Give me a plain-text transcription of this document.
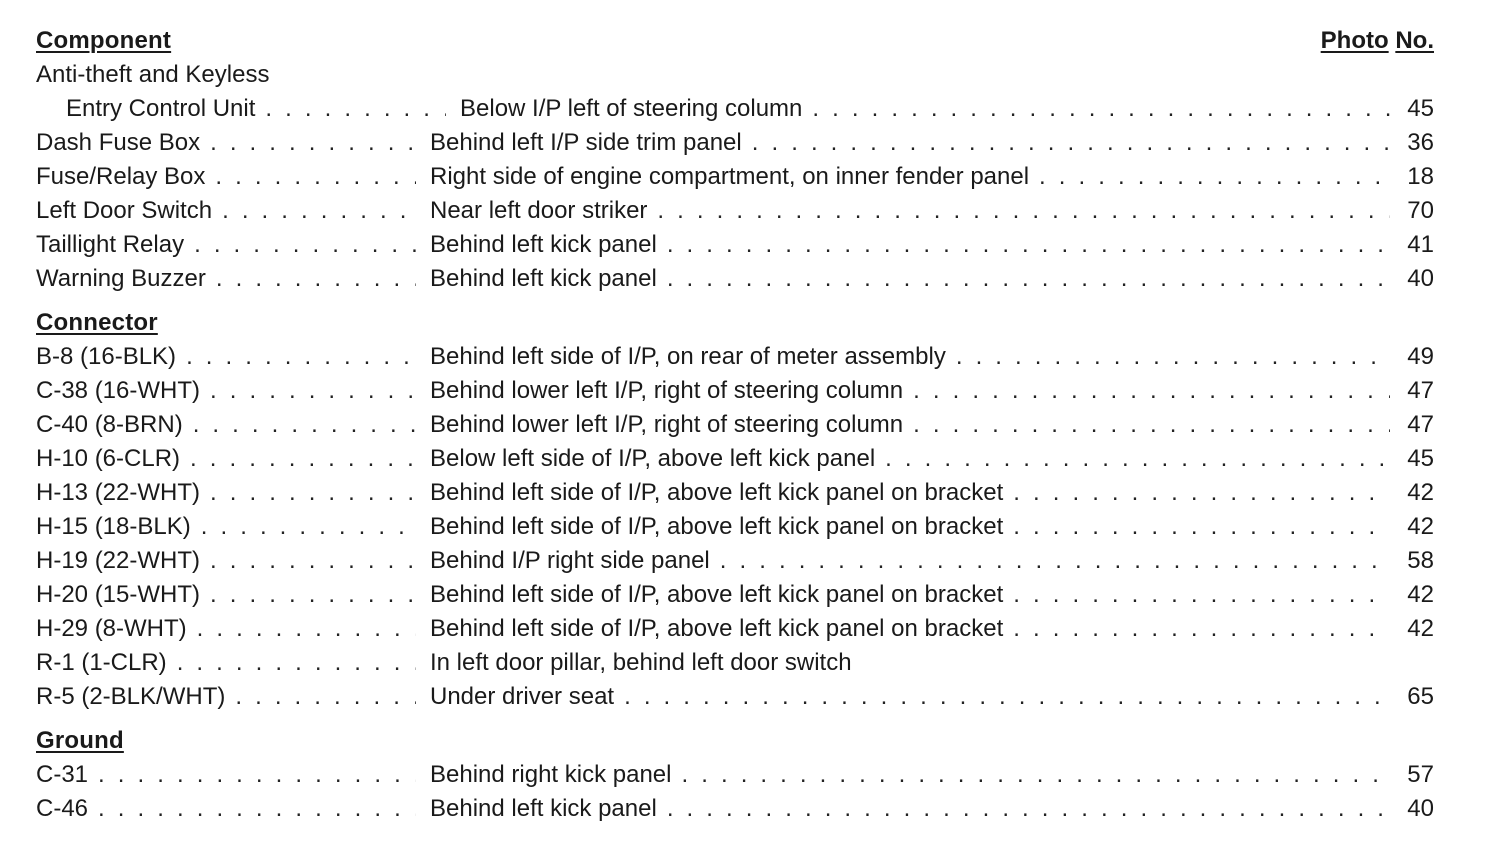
Component	Photo No.
Anti-theft and Keyless
Entry Control Unit . . .	Below I/P left of steering column . . .	45
Dash Fuse Box . . .	Behind left I/P side trim panel . . .	36
Fuse/Relay Box . . .	Right side of engine compartment, on inner fender panel . . .	18
Left Door Switch . . .	Near left door striker . . .	70
Taillight Relay . . .	Behind left kick panel . . .	41
Warning Buzzer . . .	Behind left kick panel . . .	40
Connector
B-8 (16-BLK) . . .	Behind left side of I/P, on rear of meter assembly . . .	49
C-38 (16-WHT) . . .	Behind lower left I/P, right of steering column . . .	47
C-40 (8-BRN) . . .	Behind lower left I/P, right of steering column . . .	47
H-10 (6-CLR) . . .	Below left side of I/P, above left kick panel . . .	45
H-13 (22-WHT) . . .	Behind left side of I/P, above left kick panel on bracket . . .	42
H-15 (18-BLK) . . .	Behind left side of I/P, above left kick panel on bracket . . .	42
H-19 (22-WHT) . . .	Behind I/P right side panel . . .	58
H-20 (15-WHT) . . .	Behind left side of I/P, above left kick panel on bracket . . .	42
H-29 (8-WHT) . . .	Behind left side of I/P, above left kick panel on bracket . . .	42
R-1 (1-CLR) . . .	In left door pillar, behind left door switch
R-5 (2-BLK/WHT) . . .	Under driver seat . . .	65
Ground
C-31 . . .	Behind right kick panel . . .	57
C-46 . . .	Behind left kick panel . . .	40
